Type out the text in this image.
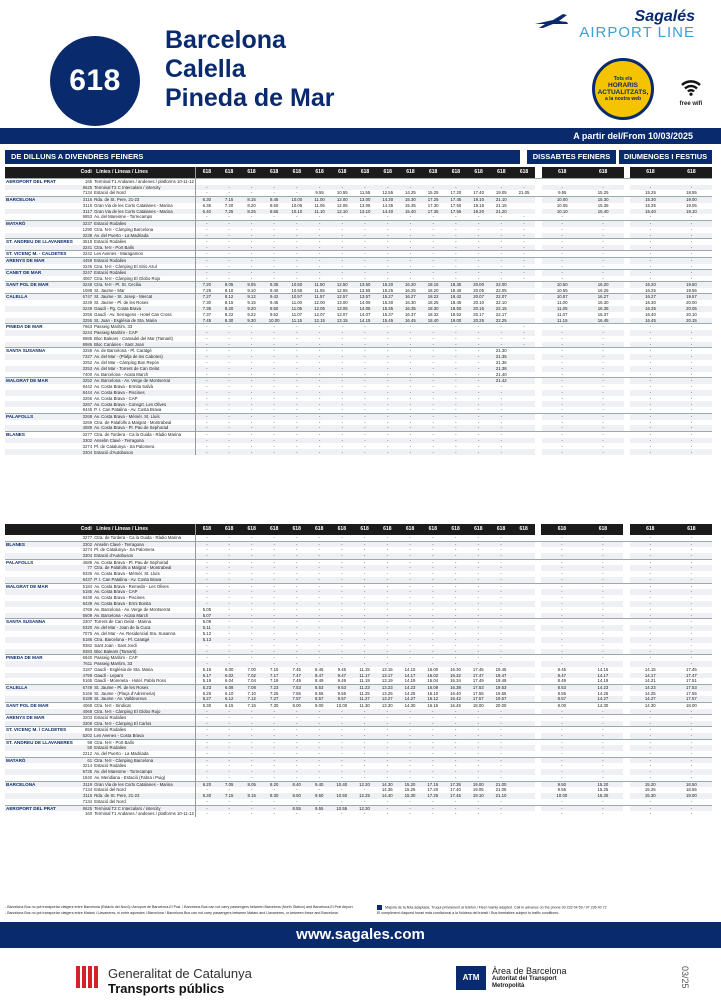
618
Barcelona
Calella
Pineda de Mar
Sagalés
AIRPORT LINE
Tots els
HORARIS
ACTUALITZATS,
a la nostra web
free wifi
A partir del/From 10/03/2025
DE DILLUNS A DIVENDRES FEINERS	DISSABTES FEINERS	DIUMENGES I FESTIUS
	Codi	Línies / Lineas / Lines	618	618	618	618	618	618	618	618	618	618	618	618	618	618	618		618	618		618	618
AEROPORT DEL PRAT	165	Terminal T1 Andanes / andenes / platforms 10-11-12																					
	8625	Terminal T2 C Intercalars / intercity	-	-	-	-	-	-	-	-	-	-	-	-	-	-	-		-	-		-	-
	7134	Estació del Nord	-	-	-	-	-	9.55	10.55	11.55	12.55	14.25	15.25	17.20	17.40	19.05	21.05		9.55	15.25		15.25	18.55
BARCELONA	3116	Rda. de St. Pere, 21-23	6.30	7.15	8.15	8.45	10.00	11.00	12.00	13.00	14.30	15.30	17.25	17.45	19.10	21.10			10.00	15.30		15.30	19.00
	3116	Gran Via de les Corts Catalanes - Marina	6.35	7.20	8.20	8.50	10.05	11.05	12.05	13.05	14.35	15.35	17.30	17.50	19.15	21.15			10.05	15.35		15.35	19.05
	3117	Gran Via de les Corts Catalanes - Marina	6.40	7.25	8.25	8.55	10.10	11.10	12.10	13.10	14.40	15.40	17.35	17.55	19.20	21.20			10.10	15.40		15.40	19.10
	9853	Av. del Maresme - Torrecamps	-	-	-	-	-	-	-	-	-	-	-	-	-	-	-		-	-		-	-
MATARÓ	3237	Estació Rodalies	-	-	-	-	-	-	-	-	-	-	-	-	-	-	-		-	-		-	-
	1290	Ctra. N-II - Càmping Barcelona	-	-	-	-	-	-	-	-	-	-	-	-	-	-	-		-	-		-	-
	3238	Av. del Puerto - La Madriada	-	-	-	-	-	-	-	-	-	-	-	-	-	-	-		-	-		-	-
ST. ANDREU DE LLAVANERES	3518	Estació Rodalies	-	-	-	-	-	-	-	-	-	-	-	-	-	-	-		-	-		-	-
	3241	Ctra. N-II - Port Balís	-	-	-	-	-	-	-	-	-	-	-	-	-	-	-		-	-		-	-
ST. VICENÇ M. - CALDETES	3242	Les Avenes - Maragamon	-	-	-	-	-	-	-	-	-	-	-	-	-	-	-		-	-		-	-
ARENYS DE MAR	4459	Estació Rodalies	-	-	-	-	-	-	-	-	-	-	-	-	-	-	-		-	-		-	-
	3246	Ctra. N-II - Càmping El Sirio Azul	-	-	-	-	-	-	-	-	-	-	-	-	-	-	-		-	-		-	-
CANET DE MAR	3247	Estació Rodalies	-	-	-	-	-	-	-	-	-	-	-	-	-	-	-		-	-		-	-
	4067	Ctra. N-II - Càmping El Globo Rojo	-	-	-	-	-	-	-	-	-	-	-	-	-	-	-		-	-		-	-
SANT POL DE MAR	3248	Ctra. N-II - Pl. St. Cecilia	7.20	8.05	9.05	9.35	10.50	11.50	12.50	13.50	15.20	16.20	18.15	18.35	20.00	22.00			10.50	16.20		16.20	19.50
	1088	St. Jaume - Mar	7.25	8.10	9.10	9.40	10.55	11.55	12.55	13.55	15.25	16.25	18.20	18.40	20.05	22.05			10.55	16.25		16.25	19.55
CALELLA	6747	St. Jaume - St. Josep - Mercat	7.27	8.12	9.12	9.42	10.57	11.57	12.57	13.57	15.27	16.27	18.22	18.42	20.07	22.07			10.57	16.27		16.27	19.57
	3249	St. Jaume - Pl. de les Roses	7.30	8.15	9.15	9.45	11.00	12.00	13.00	14.00	15.30	16.30	18.25	18.45	20.10	22.10			11.00	16.30		16.30	20.00
	3249	Gaudí - Pg. Costa Brava	7.35	8.20	9.20	9.50	11.05	12.05	13.05	14.05	15.35	16.35	18.30	18.50	20.15	22.15			11.05	16.35		16.35	20.05
	3256	Gaudí - Av. Serragens - Hotel Can Cross	7.37	8.22	9.22	9.52	11.07	12.07	13.07	14.07	15.37	16.37	18.32	18.52	20.17	22.17			11.07	16.37		16.40	20.10
	3255	St. Joan - Església de Sta. Maria	7.45	8.30	9.30	10.00	11.15	12.15	13.15	14.15	15.45	16.45	18.40	19.00	20.25	22.25			11.15	16.45		16.45	20.15
PINEDA DE MAR	7663	Passeig Marítim, 33	-	-	-	-	-	-	-	-	-	-	-	-	-	-	-		-	-		-	-
	3244	Passeig Marítim - CAP	-	-	-	-	-	-	-	-	-	-	-	-	-	-	-		-	-		-	-
	8985	Bloc Balears - Camadel del Mar (Tamarit)	-	-	-	-	-	-	-	-	-	-	-	-	-	-	-		-	-		-	-
	8986	Bloc Canàries - Sant Joan	-	-	-	-	-	-	-	-	-	-	-	-	-	-	-		-	-		-	-
SANTA SUSANNA	3258	Av. de Barcelona - Pl. Caratgé	-	-	-	-	-	-	-	-	-	-	-	-	-	21.30			-	-		-	-
	7327	Av. del Mar - (Plafja de les Cabotes)	-	-	-	-	-	-	-	-	-	-	-	-	-	21.35			-	-		-	-
	3252	Av. del Mar - Càmping Bon Repòs	-	-	-	-	-	-	-	-	-	-	-	-	-	21.36			-	-		-	-
	3253	Av. del Mar - Torrent de Can Gelat	-	-	-	-	-	-	-	-	-	-	-	-	-	21.38			-	-		-	-
	7400	Av. Barcelona - Acaïa March	-	-	-	-	-	-	-	-	-	-	-	-	-	21.40			-	-		-	-
MALGRAT DE MAR	3252	Av. Barcelona - Av. Verge de Montserrat	-	-	-	-	-	-	-	-	-	-	-	-	-	21.42			-	-		-	-
	8442	Av. Costa Brava - Ermita Salvà	-	-	-	-	-	-	-	-	-	-	-	-	-	-			-	-		-	-
	8444	Av. Costa Brava - Piscines	-	-	-	-	-	-	-	-	-	-	-	-	-	-			-	-		-	-
	3266	Av. Costa Brava - CAP	-	-	-	-	-	-	-	-	-	-	-	-	-	-			-	-		-	-
	3267	Av. Costa Brava - Consgrt. Les Olives	-	-	-	-	-	-	-	-	-	-	-	-	-	-			-	-		-	-
	8445	P. I. Can Patalina - Av. Costa Brava	-	-	-	-	-	-	-	-	-	-	-	-	-	-			-	-		-	-
PALAFOLLS	3268	Av. Costa Brava - Mémér. St. Lluís	-	-	-	-	-	-	-	-	-	-	-	-	-	-			-	-		-	-
	3269	Ctra. de Palafolls a Malgrat - Montrabeal	-	-	-	-	-	-	-	-	-	-	-	-	-	-			-	-		-	-
	4589	Av. Costa Brava - Pl. Pau de Sephorad	-	-	-	-	-	-	-	-	-	-	-	-	-	-			-	-		-	-
BLANES	3277	Ctra. de Tordera - Ca la Guida - Ràdio Marina	-	-	-	-	-	-	-	-	-	-	-	-	-	-			-	-		-	-
	3302	Anselm Clavé - Terragona	-	-	-	-	-	-	-	-	-	-	-	-	-	-			-	-		-	-
	3274	Pl. de Catalunya - Sa Palomera	-	-	-	-	-	-	-	-	-	-	-	-	-	-			-	-		-	-
	3304	Estació d'Autobusos	-	-	-	-	-	-	-	-	-	-	-	-	-	-			-	-		-	-
	Codi	Línies / Lineas / Lines	618	618	618	618	618	618	618	618	618	618	618	618	618	618	618		618	618		618	618
	3277	Ctra. de Tordera - Ca la Guida - Ràdio Marina	-	-	-	-	-	-	-	-	-	-	-	-	-	-			-	-		-	-
BLANES	3302	Anselm Clavé - Terragona	-	-	-	-	-	-	-	-	-	-	-	-	-	-			-	-		-	-
	3274	Pl. de Catalunya - Sa Palomera	-	-	-	-	-	-	-	-	-	-	-	-	-	-			-	-		-	-
	3304	Estació d'Autobusos	-	-	-	-	-	-	-	-	-	-	-	-	-	-			-	-		-	-
PALAFOLLS	4589	Av. Costa Brava - Pl. Pau de Sephorad	-	-	-	-	-	-	-	-	-	-	-	-	-	-			-	-		-	-
	77	Ctra. de Palafolls a Malgrat - Montrabeal	-	-	-	-	-	-	-	-	-	-	-	-	-	-			-	-		-	-
	9335	Av. Costa Brava - Mémér. St. Lluís	-	-	-	-	-	-	-	-	-	-	-	-	-	-			-	-		-	-
	8437	P. I. Can Patalina - Av. Costa Brava	-	-	-	-	-	-	-	-	-	-	-	-	-	-			-	-		-	-
MALGRAT DE MAR	5184	Av. Costa Brava - Remeda - Les Olives	-	-	-	-	-	-	-	-	-	-	-	-	-	-			-	-		-	-
	5185	Av. Costa Brava - CAP	-	-	-	-	-	-	-	-	-	-	-	-	-	-			-	-		-	-
	8438	Av. Costa Brava - Piscines	-	-	-	-	-	-	-	-	-	-	-	-	-	-			-	-		-	-
	8439	Av. Costa Brava - Ermi Bonita	-	-	-	-	-	-	-	-	-	-	-	-	-	-			-	-		-	-
	4769	Av. Barcelona - Av. Verge de Montserrat	5.05	-	-	-	-	-	-	-	-	-	-	-	-	-			-	-		-	-
	5609	Av. Barcelona - Acaïa March	5.07	-	-	-	-	-	-	-	-	-	-	-	-	-			-	-		-	-
SANTA SUSANNA	3307	Torrent de Can Gelat - Marina	5.09	-	-	-	-	-	-	-	-	-	-	-	-	-			-	-		-	-
	6320	Av. del Mar - Joan de la Cuca	5.11	-	-	-	-	-	-	-	-	-	-	-	-	-			-	-		-	-
	7075	Av. del Mar - Av. Residencial Sta. Susanna	5.12	-	-	-	-	-	-	-	-	-	-	-	-	-			-	-		-	-
	5186	Ctra. Barcelona - Pl. Caratgé	5.13	-	-	-	-	-	-	-	-	-	-	-	-	-			-	-		-	-
	8382	Sant Joan - Sant Jordi	-	-	-	-	-	-	-	-	-	-	-	-	-	-			-	-		-	-
	8383	Bloc Balears (Tamarit)	-	-	-	-	-	-	-	-	-	-	-	-	-	-			-	-		-	-
PINEDA DE MAR	6940	Passeig Marítim - CAP	-	-	-	-	-	-	-	-	-	-	-	-	-	-			-	-		-	-
	7611	Passeig Marítim, 33	-	-	-	-	-	-	-	-	-	-	-	-	-	-			-	-		-	-
	3187	Gaudí - Església de Sta. Maria	5.15	6.00	7.00	7.15	7.45	8.45	9.45	11.15	13.15	14.15	16.00	16.30	17.45	19.45			8.45	14.15		14.15	17.45
	4759	Gaudí - Lepant	5.17	6.02	7.02	7.17	7.47	8.47	9.47	11.17	13.17	14.17	16.02	16.32	17.47	19.47			8.47	14.17		14.17	17.47
	5165	Gaudí - Moreneta - Hotel. Pablo Ross	5.19	6.04	7.04	7.19	7.49	8.49	9.49	11.19	13.19	14.19	16.04	16.34	17.49	19.49			8.49	14.19		14.21	17.51
CALELLA	6749	St. Jaume - Pl. de les Roses	5.23	6.08	7.08	7.23	7.53	8.53	9.53	11.23	13.23	14.23	16.08	16.38	17.53	19.53			8.53	14.23		14.23	17.53
	5166	St. Jaume - (Plaça d'Adremeria)	5.25	6.10	7.10	7.25	7.55	8.55	9.55	11.25	13.25	14.25	16.10	16.40	17.55	19.55			8.55	14.25		14.25	17.55
	5189	St. Jaume - Av. Valldeoreus	5.27	6.12	7.12	7.27	7.57	8.57	9.57	11.27	13.27	14.27	16.12	16.42	17.57	19.57			8.57	14.27		14.27	17.57
SANT POL DE MAR	4068	Ctra. N-II - Sindicat	5.30	6.15	7.15	7.30	8.00	9.00	10.00	11.30	13.30	14.30	16.15	16.45	18.00	20.00			9.00	14.30		14.30	18.00
	4068	Ctra. N-II - Càmping El Globo Rojo	-	-	-	-	-	-	-	-	-	-	-	-	-	-			-	-		-	-
ARENYS DE MAR	3203	Estació Rodalies	-	-	-	-	-	-	-	-	-	-	-	-	-	-			-	-		-	-
	3309	Ctra. N-II - Càmping El Carlos	-	-	-	-	-	-	-	-	-	-	-	-	-	-			-	-		-	-
ST. VICENÇ M. / CALDETES	859	Estació Rodalies	-	-	-	-	-	-	-	-	-	-	-	-	-	-			-	-		-	-
	5202	Les Avenes - Costa Brava	-	-	-	-	-	-	-	-	-	-	-	-	-	-			-	-		-	-
ST. ANDREU DE LLAVANERES	98	Ctra. N-II - Port Balís	-	-	-	-	-	-	-	-	-	-	-	-	-	-			-	-		-	-
	58	Estació Rodalies	-	-	-	-	-	-	-	-	-	-	-	-	-	-			-	-		-	-
	2212	Av. del Puerto - La Madriada	-	-	-	-	-	-	-	-	-	-	-	-	-	-			-	-		-	-
MATARÓ	61	Ctra. N-II - Càmping Barcelona	-	-	-	-	-	-	-	-	-	-	-	-	-	-			-	-		-	-
	3214	Estació Rodalies	-	-	-	-	-	-	-	-	-	-	-	-	-	-			-	-		-	-
	9735	Av. del Maresme - Torrecamps	-	-	-	-	-	-	-	-	-	-	-	-	-	-			-	-		-	-
	1840	Av. Meridiana - Estació (Fabra i Puig)	-	-	-	-	-	-	-	-	-	-	-	-	-	-			-	-		-	-
BARCELONA	3119	Gran Via de les Corts Catalanes - Marina	6.20	7.05	8.05	8.20	8.40	9.40	10.40	12.20	14.30	15.20	17.15	17.35	19.00	21.00			9.50	15.20		15.20	18.50
	7134	Estació del Nord	-	-	-	-	-	-	-	-	14.35	15.25	17.20	17.40	19.05	21.05			9.55	15.25		15.25	18.55
	3115	Rda. de St. Pere, 21-23	6.30	7.15	8.15	8.30	8.50	9.50	10.50	12.25	14.40	15.30	17.25	17.45	19.10	21.10			10.00	15.30		15.30	19.00
	7134	Estació del Nord	-	-	-	-	-	-	-	-	-	-	-	-	-	-			-	-		-	-
AEROPORT DEL PRAT	8625	Terminal T2 C Intercalars / intercity	-	-	-	-	8.55	9.55	10.55	12.30	-	-	-	-	-	-			-	-		-	-
	160	Terminal T1 Andanes / andenes / platforms 10-11-12	-	-	-	-	-	-	-	-	-	-	-	-	-	-			-	-		-	-
- Barcelona Bus no pot transportar viatgers entre Barcelona (Estació del Nord) i Aeroport de Barcelona-El Prat. / Barcelona Bus can not carry passengers between Barcelona (North Station) and Barcelona-El Prat Airport.
- Barcelona Bus no pot transportar viatgers entre Mataró i Llavaneres, ni entre aquestes i Barcelona / Barcelona Bus can not carry passengers between Mataró and Llavaneres, or between these and Barcelona.
Majoria de la flota adaptada. Truqui prèviament al telèfon / Fleet mainly adapted. Call in advance on the phone 93 232 04 59 / 97 236 40 72
El compliment d'aquest horari està condicionat a la fluïdesa del trànsit / Bus timetables subject to traffic conditions.
www.sagales.com
Generalitat de Catalunya
Transports públics
ATM
Àrea de Barcelona
Autoritat del Transport
Metropolità	03/25
